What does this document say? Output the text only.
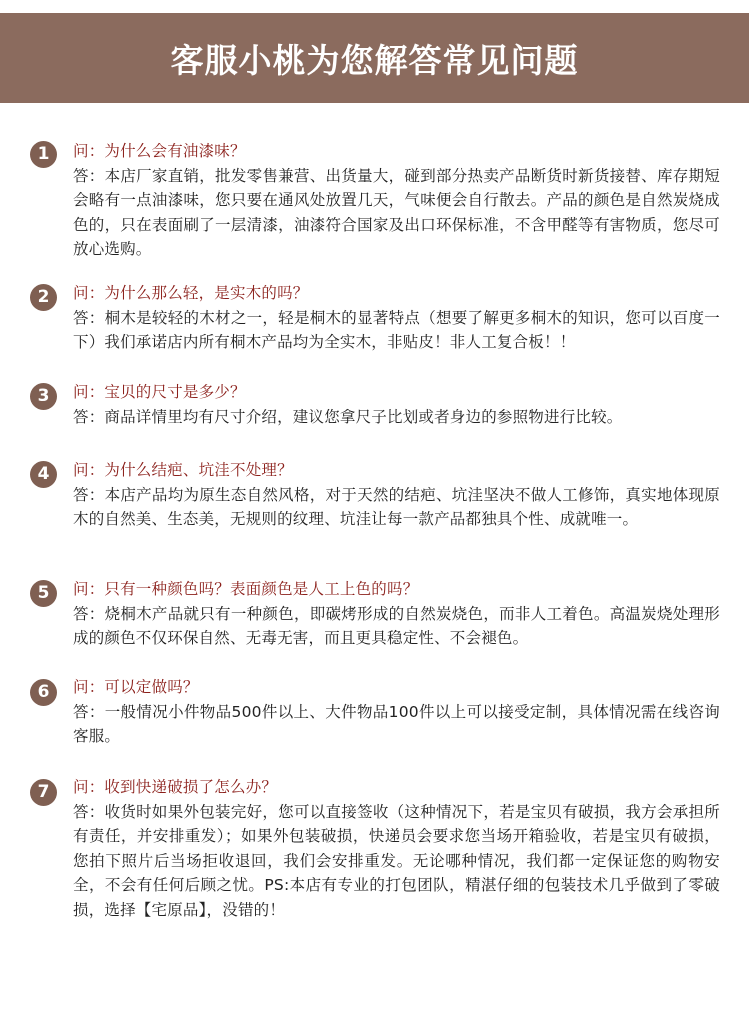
客服小桃为您解答常见问题
1	问：为什么会有油漆味？
答：本店厂家直销，批发零售兼营、出货量大，碰到部分热卖产品断货时新货接替、库存期短会略有一点油漆味，您只要在通风处放置几天，气味便会自行散去。产品的颜色是自然炭烧成色的，只在表面刷了一层清漆，油漆符合国家及出口环保标准，不含甲醛等有害物质，您尽可放心选购。
2	问：为什么那么轻，是实木的吗？
答：桐木是较轻的木材之一，轻是桐木的显著特点（想要了解更多桐木的知识，您可以百度一下）我们承诺店内所有桐木产品均为全实木，非贴皮！非人工复合板！！
3	问：宝贝的尺寸是多少？
答：商品详情里均有尺寸介绍，建议您拿尺子比划或者身边的参照物进行比较。
4	问：为什么结疤、坑洼不处理？
答：本店产品均为原生态自然风格，对于天然的结疤、坑洼坚决不做人工修饰，真实地体现原木的自然美、生态美，无规则的纹理、坑洼让每一款产品都独具个性、成就唯一。
5	问：只有一种颜色吗？表面颜色是人工上色的吗？
答：烧桐木产品就只有一种颜色，即碳烤形成的自然炭烧色，而非人工着色。高温炭烧处理形成的颜色不仅环保自然、无毒无害，而且更具稳定性、不会褪色。
6	问：可以定做吗？
答：一般情况小件物品500件以上、大件物品100件以上可以接受定制，具体情况需在线咨询客服。
7	问：收到快递破损了怎么办？
答：收货时如果外包装完好，您可以直接签收（这种情况下，若是宝贝有破损，我方会承担所有责任，并安排重发）；如果外包装破损，快递员会要求您当场开箱验收，若是宝贝有破损，您拍下照片后当场拒收退回，我们会安排重发。无论哪种情况，我们都一定保证您的购物安全，不会有任何后顾之忧。PS:本店有专业的打包团队，精湛仔细的包装技术几乎做到了零破损，选择【宅原品】，没错的！
